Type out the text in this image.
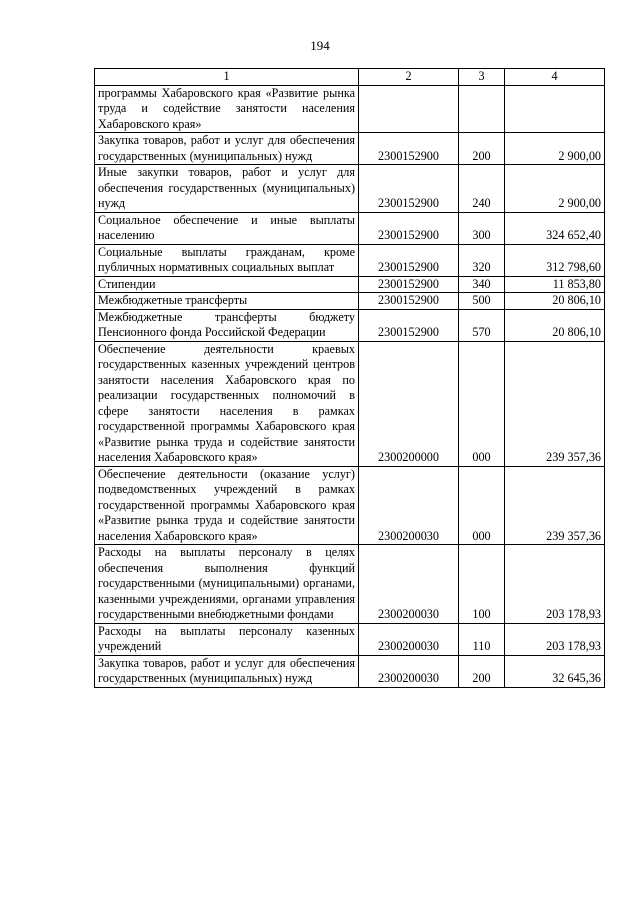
194
1	2	3	4
программы Хабаровского края «Развитие рынка труда и содействие занятости населения Хабаровского края»			
Закупка товаров, работ и услуг для обеспечения государственных (муниципальных) нужд	2300152900	200	2 900,00
Иные закупки товаров, работ и услуг для обеспечения государственных (муниципальных) нужд	2300152900	240	2 900,00
Социальное обеспечение и иные выплаты населению	2300152900	300	324 652,40
Социальные выплаты гражданам, кроме публичных нормативных социальных выплат	2300152900	320	312 798,60
Стипендии	2300152900	340	11 853,80
Межбюджетные трансферты	2300152900	500	20 806,10
Межбюджетные трансферты бюджету Пенсионного фонда Российской Федерации	2300152900	570	20 806,10
Обеспечение деятельности краевых государственных казенных учреждений центров занятости населения Хабаровского края по реализации государственных полномочий в сфере занятости населения в рамках государственной программы Хабаровского края «Развитие рынка труда и содействие занятости населения Хабаровского края»	2300200000	000	239 357,36
Обеспечение деятельности (оказание услуг) подведомственных учреждений в рамках государственной программы Хабаровского края «Развитие рынка труда и содействие занятости населения Хабаровского края»	2300200030	000	239 357,36
Расходы на выплаты персоналу в целях обеспечения выполнения функций государственными (муниципальными) органами, казенными учреждениями, органами управления государственными внебюджетными фондами	2300200030	100	203 178,93
Расходы на выплаты персоналу казенных учреждений	2300200030	110	203 178,93
Закупка товаров, работ и услуг для обеспечения государственных (муниципальных) нужд	2300200030	200	32 645,36
